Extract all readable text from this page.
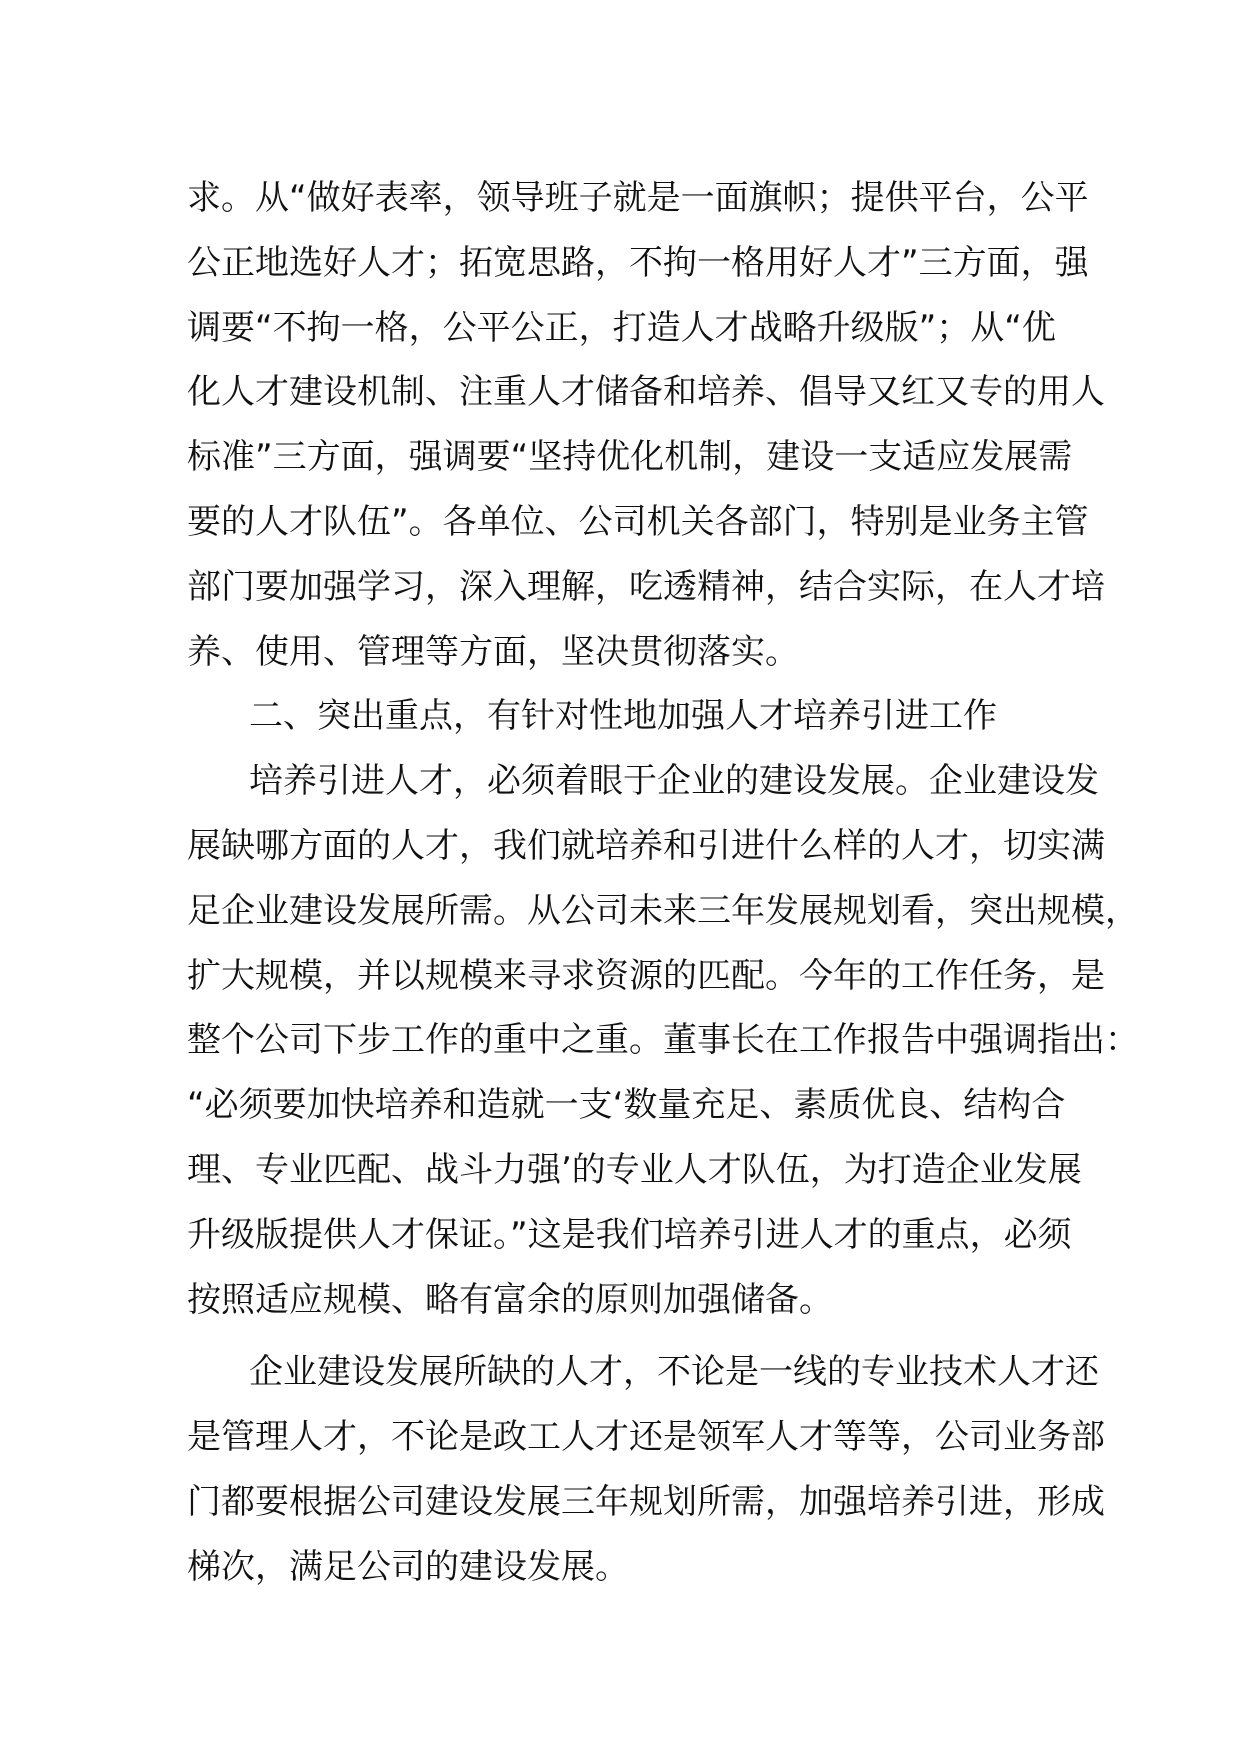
求。从“做好表率，领导班子就是一面旗帜；提供平台，公平
公正地选好人才；拓宽思路，不拘一格用好人才”三方面，强
调要“不拘一格，公平公正，打造人才战略升级版”；从“优
化人才建设机制、注重人才储备和培养、倡导又红又专的用人
标准”三方面，强调要“坚持优化机制，建设一支适应发展需
要的人才队伍”。各单位、公司机关各部门，特别是业务主管
部门要加强学习，深入理解，吃透精神，结合实际，在人才培
养、使用、管理等方面，坚决贯彻落实。

二、突出重点，有针对性地加强人才培养引进工作

培养引进人才，必须着眼于企业的建设发展。企业建设发
展缺哪方面的人才，我们就培养和引进什么样的人才，切实满
足企业建设发展所需。从公司未来三年发展规划看，突出规模，
扩大规模，并以规模来寻求资源的匹配。今年的工作任务，是
整个公司下步工作的重中之重。董事长在工作报告中强调指出：
“必须要加快培养和造就一支‘数量充足、素质优良、结构合
理、专业匹配、战斗力强’的专业人才队伍，为打造企业发展
升级版提供人才保证。”这是我们培养引进人才的重点，必须
按照适应规模、略有富余的原则加强储备。

企业建设发展所缺的人才，不论是一线的专业技术人才还
是管理人才，不论是政工人才还是领军人才等等，公司业务部
门都要根据公司建设发展三年规划所需，加强培养引进，形成
梯次，满足公司的建设发展。
